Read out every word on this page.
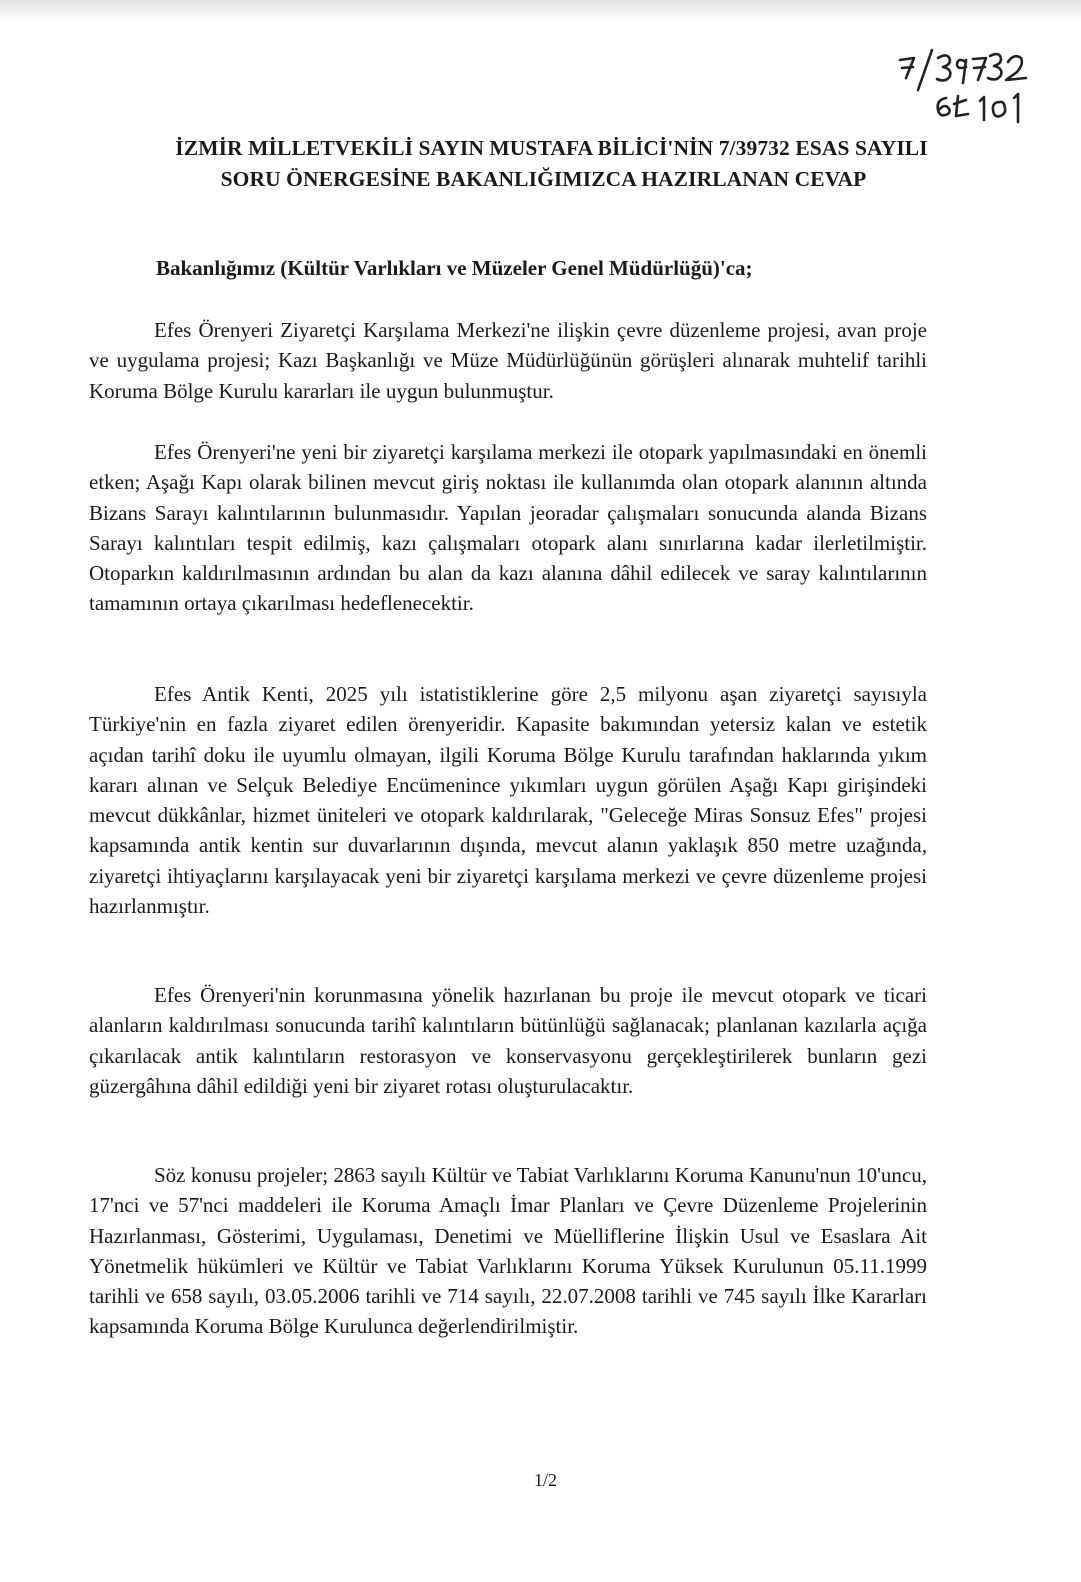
İZMİR MİLLETVEKİLİ SAYIN MUSTAFA BİLİCİ'NİN 7/39732 ESAS SAYILI
SORU ÖNERGESİNE BAKANLIĞIMIZCA HAZIRLANAN CEVAP
Bakanlığımız (Kültür Varlıkları ve Müzeler Genel Müdürlüğü)'ca;
Efes Örenyeri Ziyaretçi Karşılama Merkezi'ne ilişkin çevre düzenleme projesi, avan proje ve uygulama projesi; Kazı Başkanlığı ve Müze Müdürlüğünün görüşleri alınarak muhtelif tarihli Koruma Bölge Kurulu kararları ile uygun bulunmuştur.
Efes Örenyeri'ne yeni bir ziyaretçi karşılama merkezi ile otopark yapılmasındaki en önemli etken; Aşağı Kapı olarak bilinen mevcut giriş noktası ile kullanımda olan otopark alanının altında Bizans Sarayı kalıntılarının bulunmasıdır. Yapılan jeoradar çalışmaları sonucunda alanda Bizans Sarayı kalıntıları tespit edilmiş, kazı çalışmaları otopark alanı sınırlarına kadar ilerletilmiştir. Otoparkın kaldırılmasının ardından bu alan da kazı alanına dâhil edilecek ve saray kalıntılarının tamamının ortaya çıkarılması hedeflenecektir.
Efes Antik Kenti, 2025 yılı istatistiklerine göre 2,5 milyonu aşan ziyaretçi sayısıyla Türkiye'nin en fazla ziyaret edilen örenyeridir. Kapasite bakımından yetersiz kalan ve estetik açıdan tarihî doku ile uyumlu olmayan, ilgili Koruma Bölge Kurulu tarafından haklarında yıkım kararı alınan ve Selçuk Belediye Encümenince yıkımları uygun görülen Aşağı Kapı girişindeki mevcut dükkânlar, hizmet üniteleri ve otopark kaldırılarak, "Geleceğe Miras Sonsuz Efes" projesi kapsamında antik kentin sur duvarlarının dışında, mevcut alanın yaklaşık 850 metre uzağında, ziyaretçi ihtiyaçlarını karşılayacak yeni bir ziyaretçi karşılama merkezi ve çevre düzenleme projesi hazırlanmıştır.
Efes Örenyeri'nin korunmasına yönelik hazırlanan bu proje ile mevcut otopark ve ticari alanların kaldırılması sonucunda tarihî kalıntıların bütünlüğü sağlanacak; planlanan kazılarla açığa çıkarılacak antik kalıntıların restorasyon ve konservasyonu gerçekleştirilerek bunların gezi güzergâhına dâhil edildiği yeni bir ziyaret rotası oluşturulacaktır.
Söz konusu projeler; 2863 sayılı Kültür ve Tabiat Varlıklarını Koruma Kanunu'nun 10'uncu, 17'nci ve 57'nci maddeleri ile Koruma Amaçlı İmar Planları ve Çevre Düzenleme Projelerinin Hazırlanması, Gösterimi, Uygulaması, Denetimi ve Müelliflerine İlişkin Usul ve Esaslara Ait Yönetmelik hükümleri ve Kültür ve Tabiat Varlıklarını Koruma Yüksek Kurulunun 05.11.1999 tarihli ve 658 sayılı, 03.05.2006 tarihli ve 714 sayılı, 22.07.2008 tarihli ve 745 sayılı İlke Kararları kapsamında Koruma Bölge Kurulunca değerlendirilmiştir.
1/2
